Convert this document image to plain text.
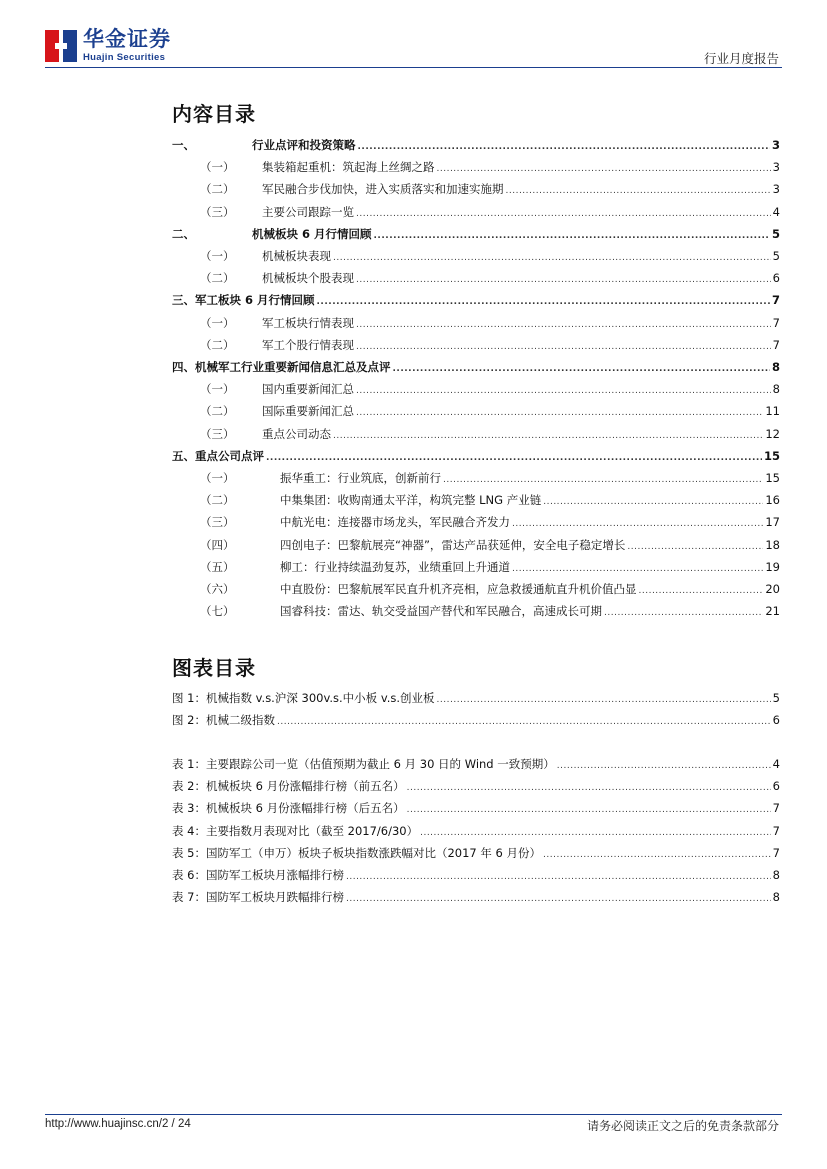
华金证券
Huajin Securities	行业月度报告
内容目录
一、	行业点评和投资策略 .....	3
（一）	集装箱起重机：筑起海上丝绸之路 .....	3
（二）	军民融合步伐加快，进入实质落实和加速实施期 .....	3
（三）	主要公司跟踪一览 .....	4
二、	机械板块 6 月行情回顾 .....	5
（一）	机械板块表现 .....	5
（二）	机械板块个股表现 .....	6
三、 军工板块 6 月行情回顾 .....	7
（一）	军工板块行情表现 .....	7
（二）	军工个股行情表现 .....	7
四、 机械军工行业重要新闻信息汇总及点评 .....	8
（一）	国内重要新闻汇总 .....	8
（二）	国际重要新闻汇总 .....	11
（三）	重点公司动态 .....	12
五、 重点公司点评 .....	15
（一）	振华重工：行业筑底，创新前行 .....	15
（二）	中集集团：收购南通太平洋，构筑完整 LNG 产业链 .....	16
（三）	中航光电：连接器市场龙头，军民融合齐发力 .....	17
（四）	四创电子：巴黎航展亮“神器”，雷达产品获延伸，安全电子稳定增长 .....	18
（五）	柳工：行业持续温劲复苏，业绩重回上升通道 .....	19
（六）	中直股份：巴黎航展军民直升机齐亮相，应急救援通航直升机价值凸显 .....	20
（七）	国睿科技：雷达、轨交受益国产替代和军民融合，高速成长可期 .....	21
图表目录
图 1：机械指数 v.s.沪深 300v.s.中小板 v.s.创业板 .....	5
图 2：机械二级指数 .....	6
表 1：主要跟踪公司一览（估值预期为截止 6 月 30 日的 Wind 一致预期） .....	4
表 2：机械板块 6 月份涨幅排行榜（前五名） .....	6
表 3：机械板块 6 月份涨幅排行榜（后五名） .....	7
表 4：主要指数月表现对比（截至 2017/6/30） .....	7
表 5：国防军工（申万）板块子板块指数涨跌幅对比（2017 年 6 月份） .....	7
表 6：国防军工板块月涨幅排行榜 .....	8
表 7：国防军工板块月跌幅排行榜 .....	8
http://www.huajinsc.cn/2 / 24	请务必阅读正文之后的免责条款部分
